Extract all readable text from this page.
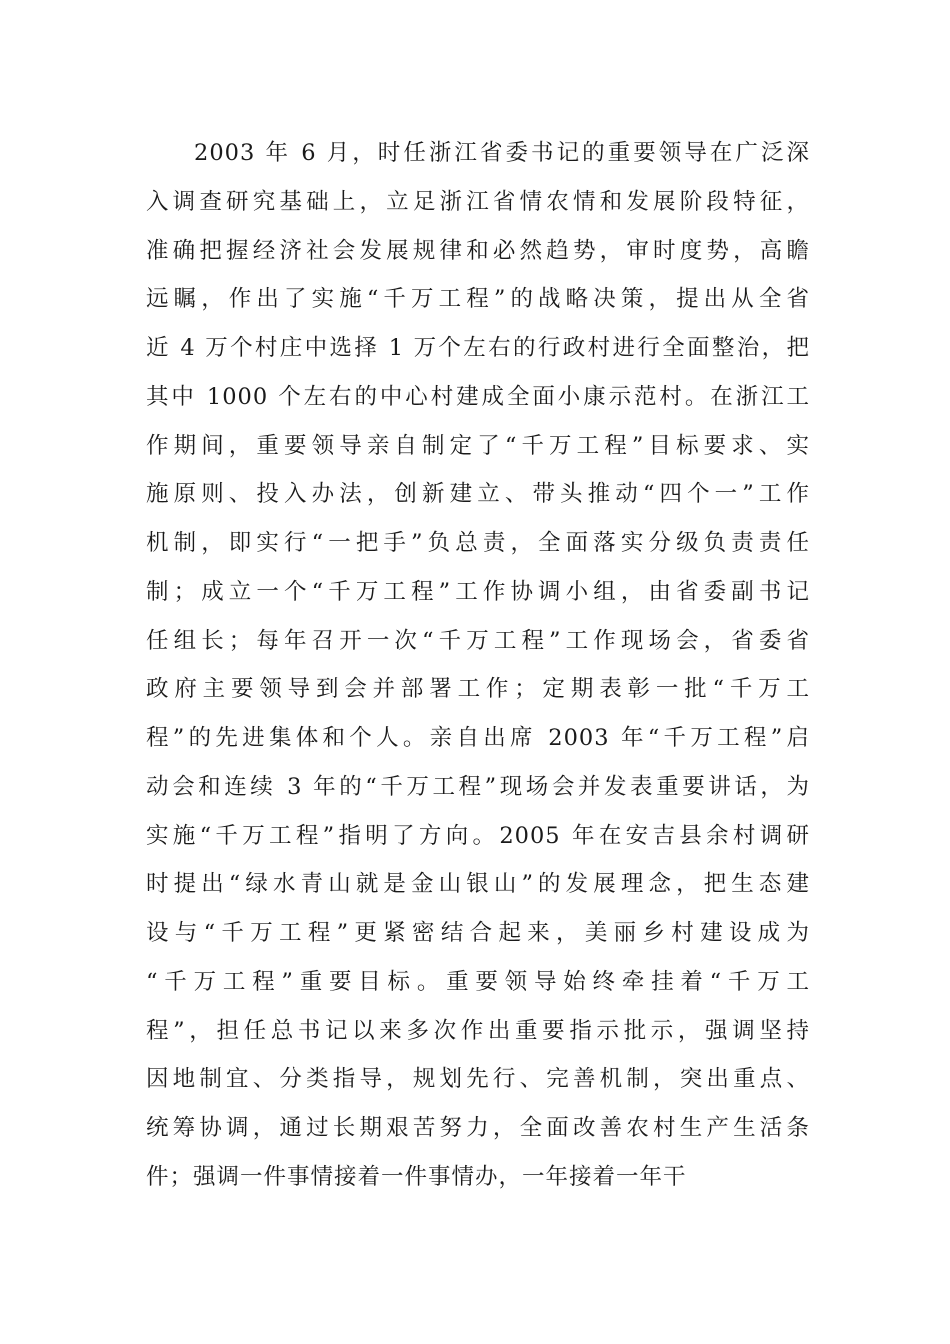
2003 年 6 月，时任浙江省委书记的重要领导在广泛深
入调查研究基础上，立足浙江省情农情和发展阶段特征，
准确把握经济社会发展规律和必然趋势，审时度势，高瞻
远瞩，作出了实施“千万工程”的战略决策，提出从全省
近 4 万个村庄中选择 1 万个左右的行政村进行全面整治，把
其中 1000 个左右的中心村建成全面小康示范村。在浙江工
作期间，重要领导亲自制定了“千万工程”目标要求、实
施原则、投入办法，创新建立、带头推动“四个一”工作
机制，即实行“一把手”负总责，全面落实分级负责责任
制；成立一个“千万工程”工作协调小组，由省委副书记
任组长；每年召开一次“千万工程”工作现场会，省委省
政府主要领导到会并部署工作；定期表彰一批“千万工
程”的先进集体和个人。亲自出席 2003 年“千万工程”启
动会和连续 3 年的“千万工程”现场会并发表重要讲话，为
实施“千万工程”指明了方向。2005 年在安吉县余村调研
时提出“绿水青山就是金山银山”的发展理念，把生态建
设与“千万工程”更紧密结合起来，美丽乡村建设成为
“千万工程”重要目标。重要领导始终牵挂着“千万工
程”，担任总书记以来多次作出重要指示批示，强调坚持
因地制宜、分类指导，规划先行、完善机制，突出重点、
统筹协调，通过长期艰苦努力，全面改善农村生产生活条
件；强调一件事情接着一件事情办，一年接着一年干
